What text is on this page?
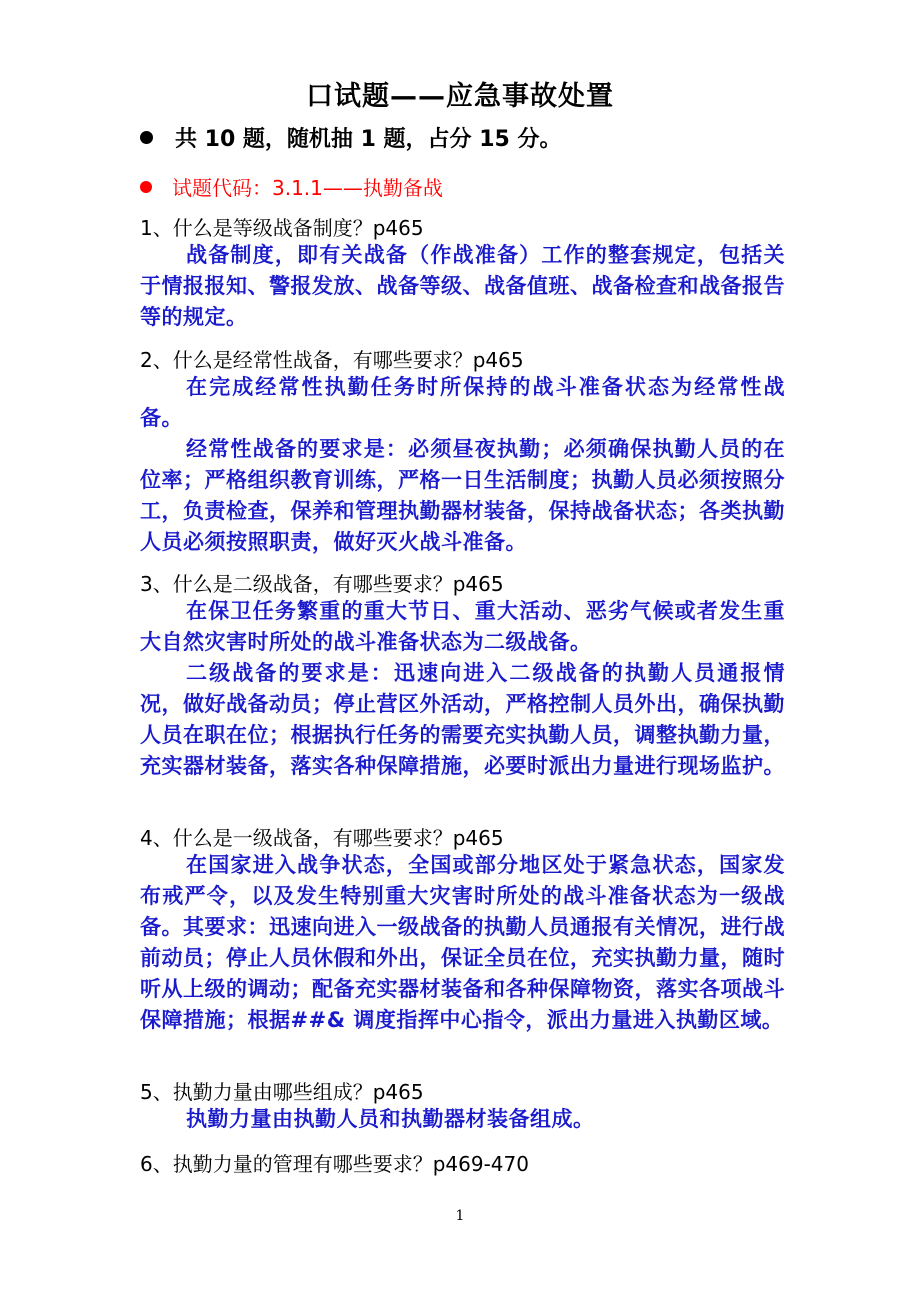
口试题——应急事故处置
共 10 题，随机抽 1 题，占分 15 分。
试题代码：3.1.1——执勤备战
1、什么是等级战备制度？p465
战备制度，即有关战备（作战准备）工作的整套规定，包括关于情报报知、警报发放、战备等级、战备值班、战备检查和战备报告等的规定。
2、什么是经常性战备，有哪些要求？p465
在完成经常性执勤任务时所保持的战斗准备状态为经常性战备。
经常性战备的要求是：必须昼夜执勤；必须确保执勤人员的在位率；严格组织教育训练，严格一日生活制度；执勤人员必须按照分工，负责检查，保养和管理执勤器材装备，保持战备状态；各类执勤人员必须按照职责，做好灭火战斗准备。
3、什么是二级战备，有哪些要求？p465
在保卫任务繁重的重大节日、重大活动、恶劣气候或者发生重大自然灾害时所处的战斗准备状态为二级战备。
二级战备的要求是：迅速向进入二级战备的执勤人员通报情况，做好战备动员；停止营区外活动，严格控制人员外出，确保执勤人员在职在位；根据执行任务的需要充实执勤人员，调整执勤力量，充实器材装备，落实各种保障措施，必要时派出力量进行现场监护。
4、什么是一级战备，有哪些要求？p465
在国家进入战争状态，全国或部分地区处于紧急状态，国家发布戒严令，以及发生特别重大灾害时所处的战斗准备状态为一级战备。其要求：迅速向进入一级战备的执勤人员通报有关情况，进行战前动员；停止人员休假和外出，保证全员在位，充实执勤力量，随时听从上级的调动；配备充实器材装备和各种保障物资，落实各项战斗保障措施；根据##& 调度指挥中心指令，派出力量进入执勤区域。
5、执勤力量由哪些组成？p465
执勤力量由执勤人员和执勤器材装备组成。
6、执勤力量的管理有哪些要求？p469-470
1
